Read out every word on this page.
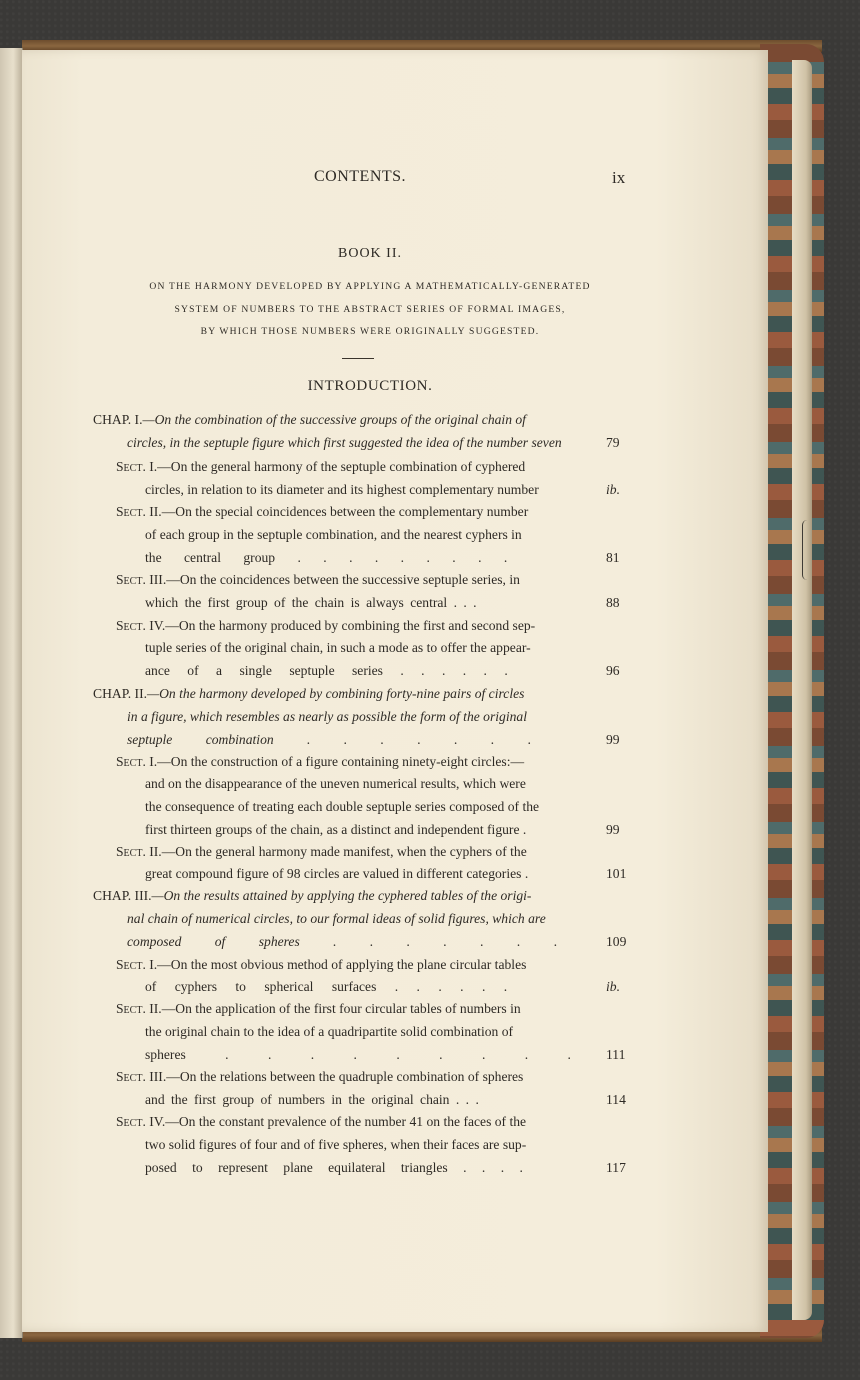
CONTENTS.	ix
BOOK II.
ON THE HARMONY DEVELOPED BY APPLYING A MATHEMATICALLY-GENERATED
SYSTEM OF NUMBERS TO THE ABSTRACT SERIES OF FORMAL IMAGES,
BY WHICH THOSE NUMBERS WERE ORIGINALLY SUGGESTED.
INTRODUCTION.
CHAP. I.—On the combination of the successive groups of the original chain of
circles, in the septuple figure which first suggested the idea of the number seven	79
Sect. I.—On the general harmony of the septuple combination of cyphered
circles, in relation to its diameter and its highest complementary number	ib.
Sect. II.—On the special coincidences between the complementary number
of each group in the septuple combination, and the nearest cyphers in
the central group . . . . . . . . .	81
Sect. III.—On the coincidences between the successive septuple series, in
which the first group of the chain is always central . . .	88
Sect. IV.—On the harmony produced by combining the first and second sep-
tuple series of the original chain, in such a mode as to offer the appear-
ance of a single septuple series . . . . . .	96
CHAP. II.—On the harmony developed by combining forty-nine pairs of circles
in a figure, which resembles as nearly as possible the form of the original
septuple combination . . . . . . .	99
Sect. I.—On the construction of a figure containing ninety-eight circles:—
and on the disappearance of the uneven numerical results, which were
the consequence of treating each double septuple series composed of the
first thirteen groups of the chain, as a distinct and independent figure .	99
Sect. II.—On the general harmony made manifest, when the cyphers of the
great compound figure of 98 circles are valued in different categories .	101
CHAP. III.—On the results attained by applying the cyphered tables of the origi-
nal chain of numerical circles, to our formal ideas of solid figures, which are
composed of spheres . . . . . . .	109
Sect. I.—On the most obvious method of applying the plane circular tables
of cyphers to spherical surfaces . . . . . .	ib.
Sect. II.—On the application of the first four circular tables of numbers in
the original chain to the idea of a quadripartite solid combination of
spheres . . . . . . . . .	111
Sect. III.—On the relations between the quadruple combination of spheres
and the first group of numbers in the original chain . . .	114
Sect. IV.—On the constant prevalence of the number 41 on the faces of the
two solid figures of four and of five spheres, when their faces are sup-
posed to represent plane equilateral triangles . . . .	117
